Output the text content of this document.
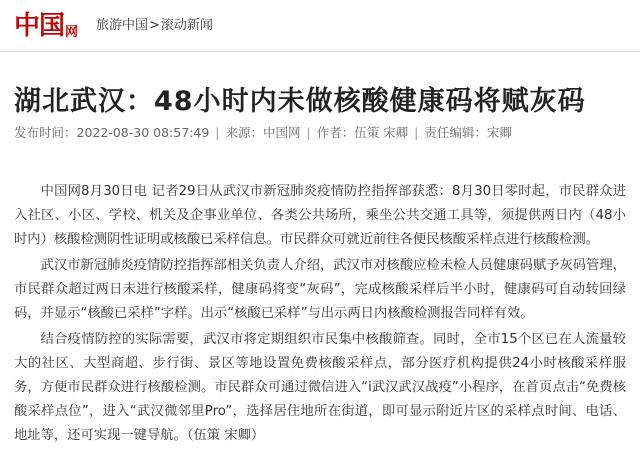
中国 网 旅游中国 > 滚动新闻
湖北武汉：48小时内未做核酸健康码将赋灰码
发布时间：2022-08-30 08:57:49 | 来源：中国网 | 作者：伍策 宋卿 | 责任编辑：宋卿

中国网8月30日电 记者29日从武汉市新冠肺炎疫情防控指挥部获悉：8月30日零时起，市民群众进入社区、小区、学校、机关及企事业单位、各类公共场所，乘坐公共交通工具等，须提供两日内（48小时内）核酸检测阴性证明或核酸已采样信息。市民群众可就近前往各便民核酸采样点进行核酸检测。

武汉市新冠肺炎疫情防控指挥部相关负责人介绍，武汉市对核酸应检未检人员健康码赋予灰码管理，市民群众超过两日未进行核酸采样，健康码将变“灰码”，完成核酸采样后半小时，健康码可自动转回绿码，并显示“核酸已采样”字样。出示“核酸已采样”与出示两日内核酸检测报告同样有效。

结合疫情防控的实际需要，武汉市将定期组织市民集中核酸筛查。同时，全市15个区已在人流量较大的社区、大型商超、步行街、景区等地设置免费核酸采样点，部分医疗机构提供24小时核酸采样服务，方便市民群众进行核酸检测。市民群众可通过微信进入“i武汉武汉战疫”小程序，在首页点击“免费核酸采样点位”，进入“武汉微邻里Pro”，选择居住地所在街道，即可显示附近片区的采样点时间、电话、地址等，还可实现一键导航。（伍策 宋卿）
